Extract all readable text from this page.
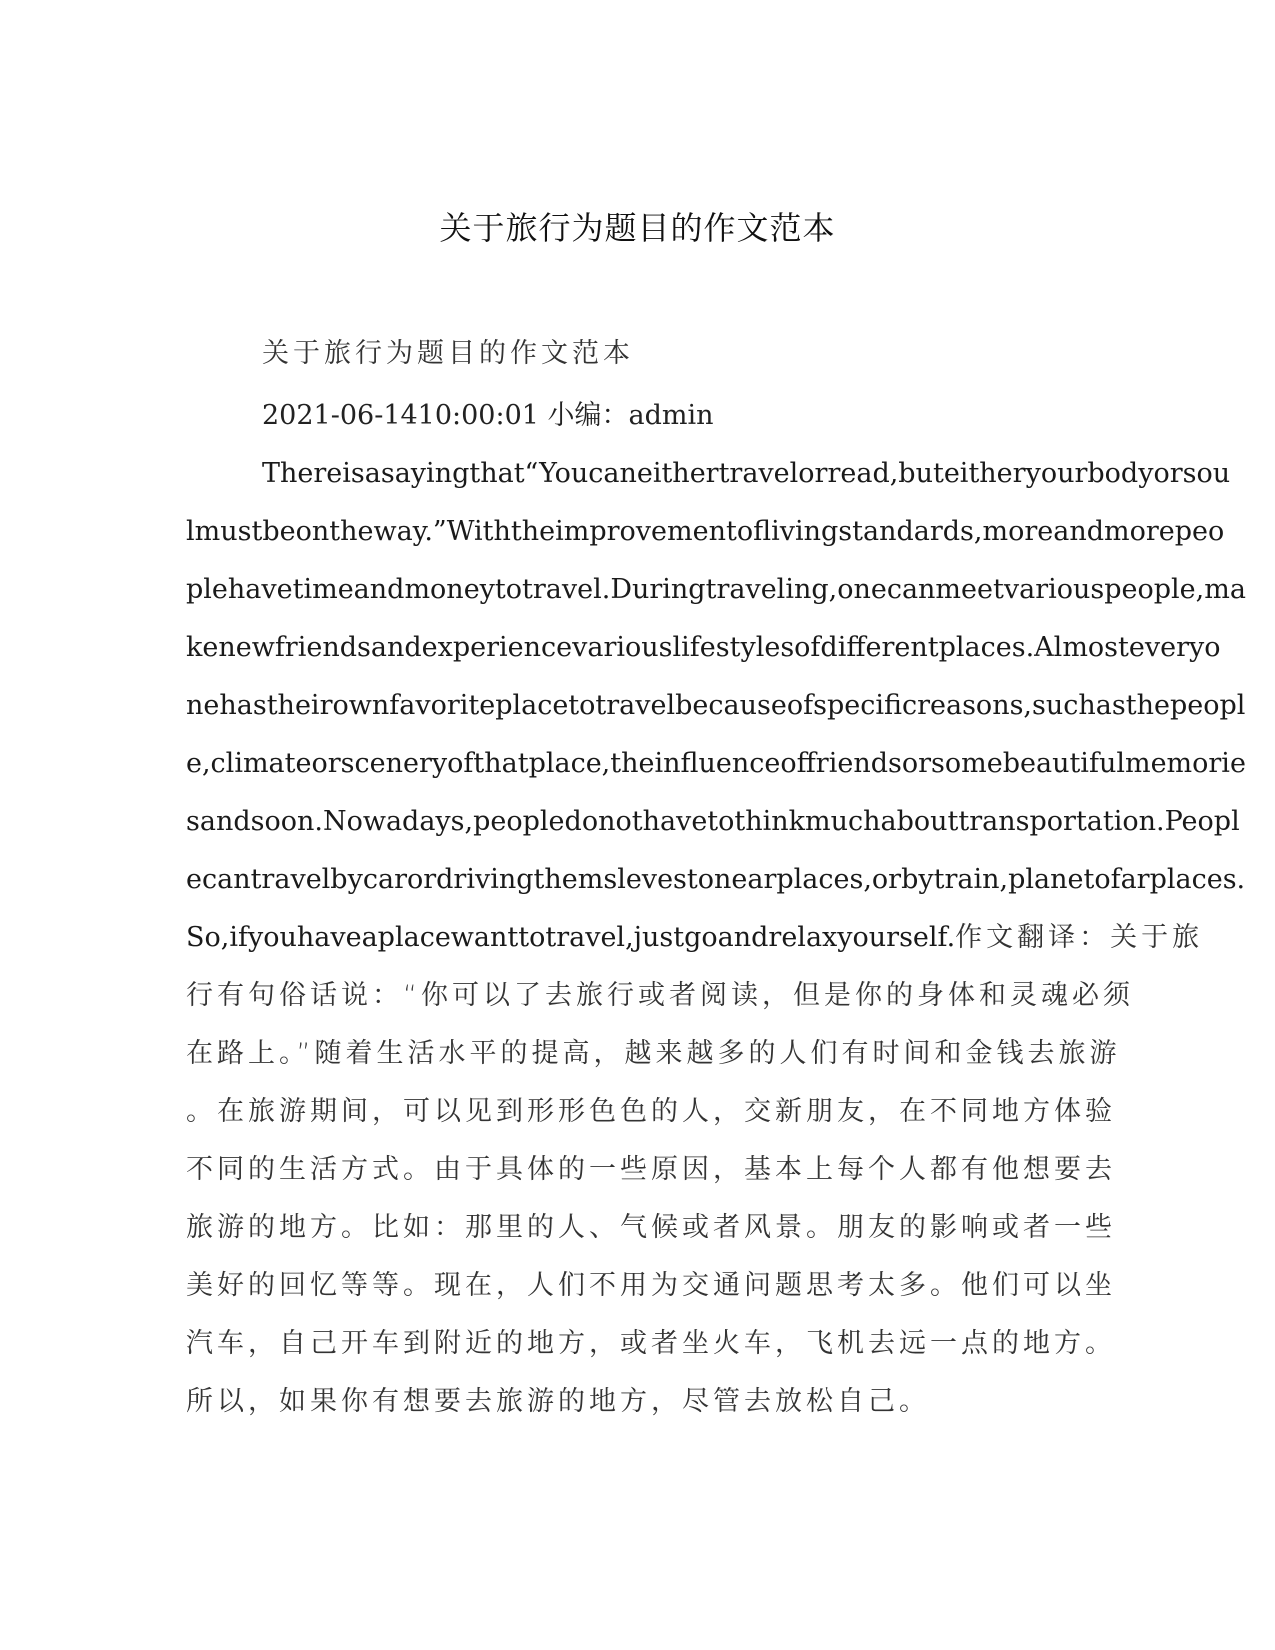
关于旅行为题目的作文范本
关于旅行为题目的作文范本
2021-06-1410:00:01 小编：admin
Thereisasayingthat“Youcaneithertravelorread,buteitheryourbodyorsou
lmustbeontheway.”Withtheimprovementoflivingstandards,moreandmorepeo
plehavetimeandmoneytotravel.Duringtraveling,onecanmeetvariouspeople,ma
kenewfriendsandexperiencevariouslifestylesofdifferentplaces.Almosteveryo
nehastheirownfavoriteplacetotravelbecauseofspecificreasons,suchasthepeopl
e,climateorsceneryofthatplace,theinfluenceoffriendsorsomebeautifulmemorie
sandsoon.Nowadays,peopledonothavetothinkmuchabouttransportation.Peopl
ecantravelbycarordrivingthemslevestonearplaces,orbytrain,planetofarplaces.
So,ifyouhaveaplacewanttotravel,justgoandrelaxyourself.作文翻译：关于旅
行有句俗话说：“你可以了去旅行或者阅读，但是你的身体和灵魂必须
在路上。”随着生活水平的提高，越来越多的人们有时间和金钱去旅游
。在旅游期间，可以见到形形色色的人，交新朋友，在不同地方体验
不同的生活方式。由于具体的一些原因，基本上每个人都有他想要去
旅游的地方。比如：那里的人、气候或者风景。朋友的影响或者一些
美好的回忆等等。现在，人们不用为交通问题思考太多。他们可以坐
汽车，自己开车到附近的地方，或者坐火车，飞机去远一点的地方。
所以，如果你有想要去旅游的地方，尽管去放松自己。
